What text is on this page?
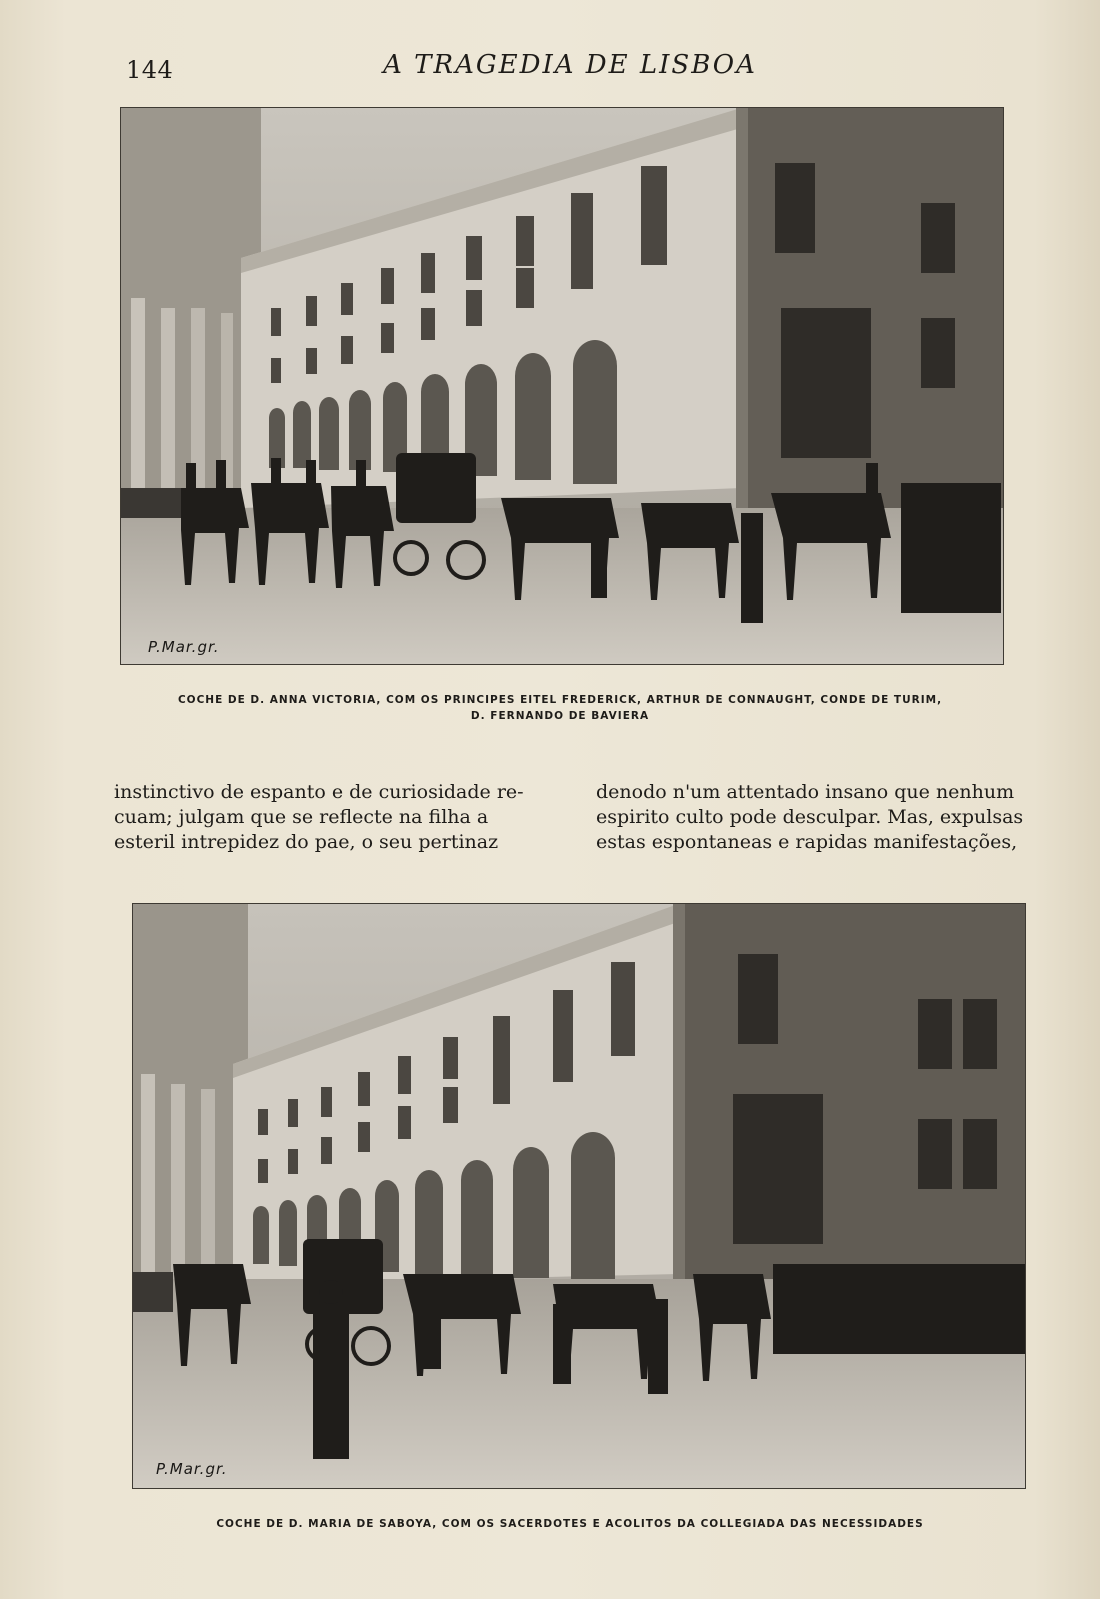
144	A TRAGEDIA DE LISBOA
P.Mar.gr.
COCHE DE D. ANNA VICTORIA, COM OS PRINCIPES EITEL FREDERICK, ARTHUR DE CONNAUGHT, CONDE DE TURIM,
D. FERNANDO DE BAVIERA

instinctivo de espanto e de curiosidade re-

cuam; julgam que se reflecte na filha a

esteril intrepidez do pae, o seu pertinaz

denodo n'um attentado insano que nenhum

espirito culto pode desculpar. Mas, expulsas

estas espontaneas e rapidas manifestações,

P.Mar.gr.
COCHE DE D. MARIA DE SABOYA, COM OS SACERDOTES E ACOLITOS DA COLLEGIADA DAS NECESSIDADES
